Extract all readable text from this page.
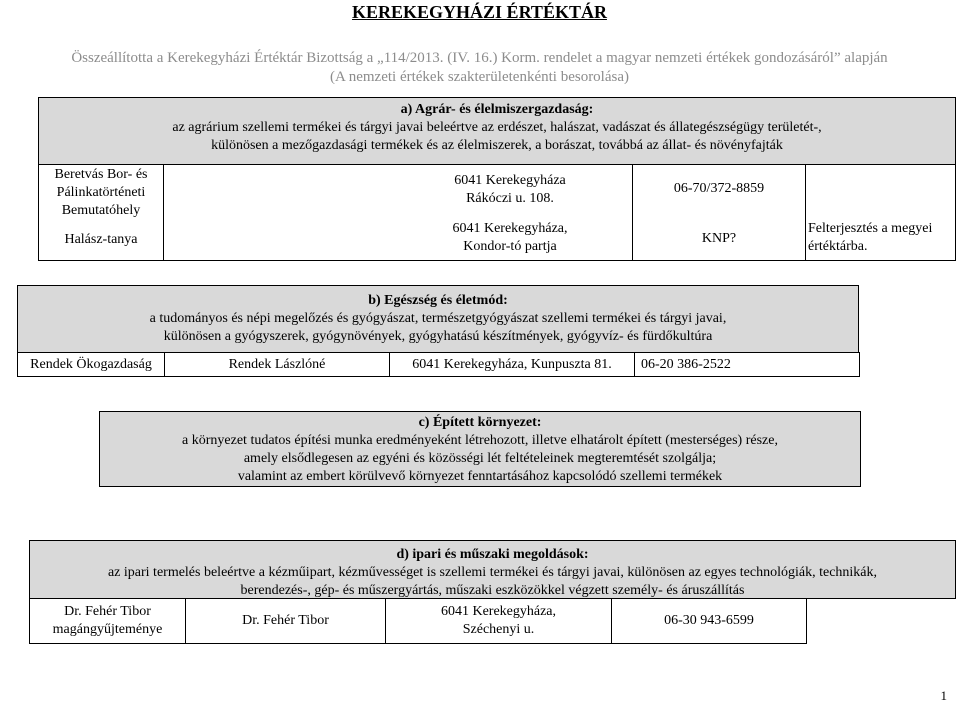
KEREKEGYHÁZI ÉRTÉKTÁR
Összeállította a Kerekegyházi Értéktár Bizottság a „114/2013. (IV. 16.) Korm. rendelet a magyar nemzeti értékek gondozásáról” alapján
(A nemzeti értékek szakterületenkénti besorolása)
a) Agrár- és élelmiszergazdaság:
az agrárium szellemi termékei és tárgyi javai beleértve az erdészet, halászat, vadászat és állategészségügy területét-,
különösen a mezőgazdasági termékek és az élelmiszerek, a borászat, továbbá az állat- és növényfajták
Beretvás Bor- és Pálinkatörténeti Bemutatóhely
6041 Kerekegyháza
Rákóczi u. 108.
06-70/372-8859
Halász-tanya
6041 Kerekegyháza,
Kondor-tó partja
KNP?
Felterjesztés a megyei értéktárba.
b) Egészség és életmód:
a tudományos és népi megelőzés és gyógyászat, természetgyógyászat szellemi termékei és tárgyi javai,
különösen a gyógyszerek, gyógynövények, gyógyhatású készítmények, gyógyvíz- és fürdőkultúra
Rendek Ökogazdaság	Rendek Lászlóné	6041 Kerekegyháza, Kunpuszta 81. 06-20 386-2522
c) Épített környezet:
a környezet tudatos építési munka eredményeként létrehozott, illetve elhatárolt épített (mesterséges) része,
amely elsődlegesen az egyéni és közösségi lét feltételeinek megteremtését szolgálja;
valamint az embert körülvevő környezet fenntartásához kapcsolódó szellemi termékek
d) ipari és műszaki megoldások:
az ipari termelés beleértve a kézműipart, kézművességet is szellemi termékei és tárgyi javai, különösen az egyes technológiák, technikák,
berendezés-, gép- és műszergyártás, műszaki eszközökkel végzett személy- és áruszállítás
Dr. Fehér Tibor
magángyűjteménye
Dr. Fehér Tibor
6041 Kerekegyháza,
Széchenyi u.
06-30 943-6599
1
